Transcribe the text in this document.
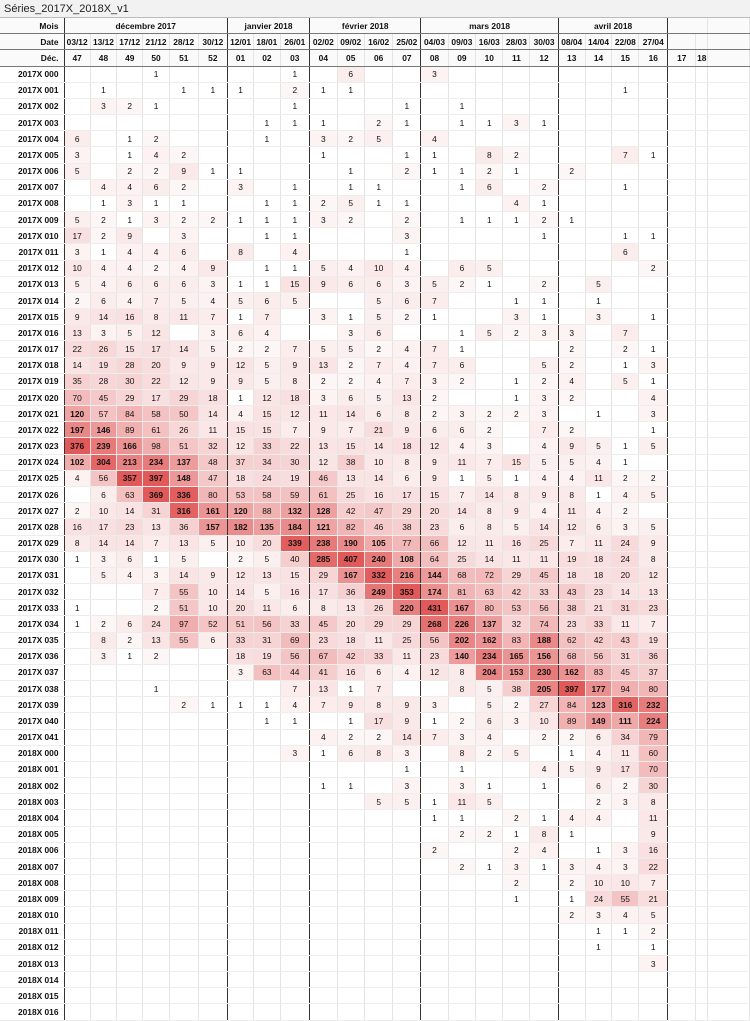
Séries_2017X_2018X_v1
Mois	décembre 2017						janvier 2018			février 2018				mars 2018					avril 2018						
Date	03/12	13/12	17/12	21/12	28/12	30/12	12/01	18/01	26/01	02/02	09/02	16/02	25/02	04/03	09/03	16/03	28/03	30/03	08/04	14/04	22/08	27/04			
Déc.	47	48	49	50	51	52	01	02	03	04	05	06	07	08	09	10	11	12	13	14	15	16	17	18	
2017X 000				1					1		6			3											
2017X 001		1			1	1	1		2	1	1										1				
2017X 002		3	2	1					1				1		1										
2017X 003								1	1	1		2	1		1	1	3	1							
2017X 004	6		1	2				1		3	2	5		4											
2017X 005	3		1	4	2					1			1	1		8	2				7	1			
2017X 006	5		2	2	9	1	1				1		2	1	1	2	1		2						
2017X 007		4	4	6	2		3		1		1	1			1	6		2			1				
2017X 008		1	3	1	1			1	1	2	5	1	1				4	1							
2017X 009	5	2	1	3	2	2	1	1	1	3	2		2		1	1	1	2	1						
2017X 010	17	2	9		3			1	1				3					1			1	1			
2017X 011	3	1	4	4	6		8		4				1								6				
2017X 012	10	4	4	2	4	9		1	1	5	4	10	4		6	5						2			
2017X 013	5	4	6	6	6	3	1	1	15	9	6	6	3	5	2	1		2		5					
2017X 014	2	6	4	7	5	4	5	6	5			5	6	7			1	1		1					
2017X 015	9	14	16	8	11	7	1	7		3	1	5	2	1			3	1		3		1			
2017X 016	13	3	5	12		3	6	4			3	6			1	5	2	3	3		7				
2017X 017	22	26	15	17	14	5	2	2	7	5	5	2	4	7	1				2		2	1			
2017X 018	14	19	28	20	9	9	12	5	9	13	2	7	4	7	6			5	2		1	3			
2017X 019	35	28	30	22	12	9	9	5	8	2	2	4	7	3	2		1	2	4		5	1			
2017X 020	70	45	29	17	29	18	1	12	18	3	6	5	13	2			1	3	2			4			
2017X 021	120	57	84	58	50	14	4	15	12	11	14	6	8	2	3	2	2	3		1		3			
2017X 022	197	146	89	61	26	11	15	15	7	9	7	21	9	6	6	2		7	2			1			
2017X 023	376	239	166	98	51	32	12	33	22	13	15	14	18	12	4	3		4	9	5	1	5			
2017X 024	102	304	213	234	137	48	37	34	30	12	38	10	8	9	11	7	15	5	5	4	1				
2017X 025	4	56	357	397	148	47	18	24	19	46	13	14	6	9	1	5	1	4	4	11	2	2			
2017X 026		6	63	369	336	80	53	58	59	61	25	16	17	15	7	14	8	9	8	1	4	5			
2017X 027	2	10	14	31	316	161	120	88	132	128	42	47	29	20	14	8	9	4	11	4	2				
2017X 028	16	17	23	13	36	157	182	135	184	121	82	46	38	23	6	8	5	14	12	6	3	5			
2017X 029	8	14	14	7	13	5	10	20	339	238	190	105	77	66	12	11	16	25	7	11	24	9			
2017X 030	1	3	6	1	5		2	5	40	285	407	240	108	64	25	14	11	11	19	18	24	8			
2017X 031		5	4	3	14	9	12	13	15	29	167	332	216	144	68	72	29	45	18	18	20	12			
2017X 032				7	55	10	14	5	16	17	36	249	353	174	81	63	42	33	43	23	14	13			
2017X 033	1			2	51	10	20	11	6	8	13	26	220	431	167	80	53	56	38	21	31	23			
2017X 034	1	2	6	24	97	52	51	56	33	45	20	29	29	268	226	137	32	74	23	33	11	7			
2017X 035		8	2	13	55	6	33	31	69	23	18	11	25	56	202	162	83	188	62	42	43	19			
2017X 036		3	1	2			18	19	56	67	42	33	11	23	140	234	165	156	68	56	31	36			
2017X 037							3	63	44	41	16	6	4	12	8	204	153	230	162	83	45	37			
2017X 038				1					7	13	1	7			8	5	38	205	397	177	94	80			
2017X 039					2	1	1	1	4	7	9	8	9	3		5	2	27	84	123	316	232			
2017X 040								1	1		1	17	9	1	2	6	3	10	89	149	111	224			
2017X 041										4	2	2	14	7	3	4		2	2	6	34	79			
2018X 000									3	1	6	8	3		8	2	5		1	4	11	60			
2018X 001													1		1			4	5	9	17	70			
2018X 002										1	1		3		3	1		1		6	2	30			
2018X 003												5	5	1	11	5				2	3	8			
2018X 004														1	1		2	1	4	4		11			
2018X 005															2	2	1	8	1			9			
2018X 006														2			2	4		1	3	16			
2018X 007															2	1	3	1	3	4	3	22			
2018X 008																	2		2	10	10	7			
2018X 009																	1		1	24	55	21			
2018X 010																			2	3	4	5			
2018X 011																				1	1	2			
2018X 012																				1		1			
2018X 013																						3			
2018X 014																									
2018X 015																									
2018X 016																									
